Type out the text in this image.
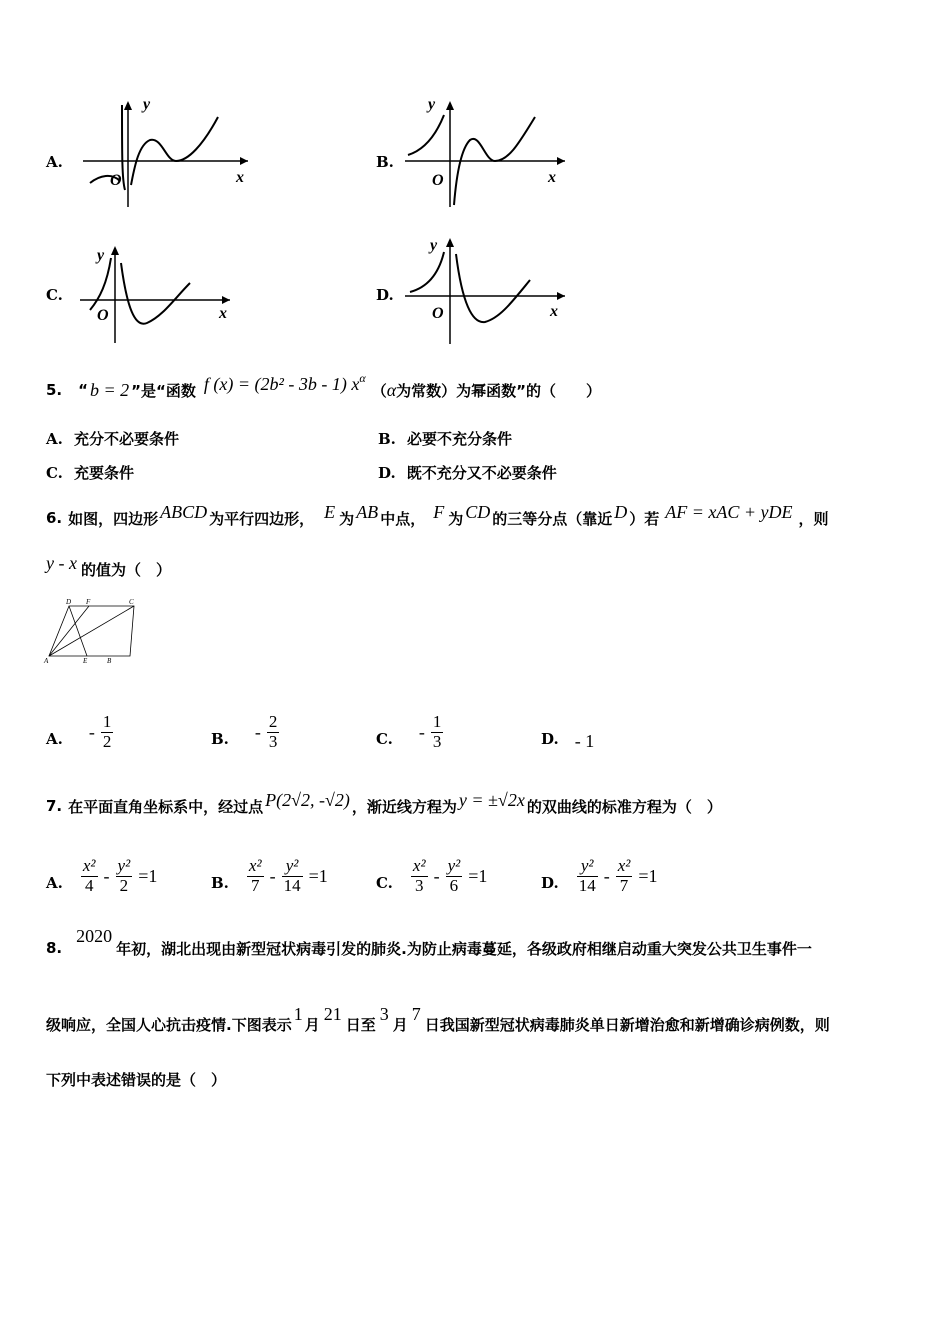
A.
y
x
O
B.
y
x
O
C.
y
x
O
D.
y
x
O
5. “ b = 2 ”是“函数 f (x) = (2b² - 3b - 1) $x^\alpha$
（ α 为常数）为幂函数”的（　　）
A. 充分不必要条件	B. 必要不充分条件
C. 充要条件	D. 既不充分又不必要条件
6. 如图，四边形 ABCD 为平行四边形， E 为 AB 中点， F 为 CD 的三等分点（靠近 D ）若 AF = xAC + yDE ，则
y - x 的值为（　）
D F	C
A	E	B
A. - $\frac{1}{2}$	B. - $\frac{2}{3}$	C. - $\frac{1}{3}$	D. - 1
7. 在平面直角坐标系中，经过点 P(2√2, -√2) ，渐近线方程为 y = ±√2x 的双曲线的标准方程为（　）
A. $\frac{\text{x²}}{4} - \frac{\text{y²}}{2} =1$	B. $\frac{\text{x²}}{7} - \frac{\text{y²}}{14} =1$	C. $\frac{\text{x²}}{3} - \frac{\text{y²}}{6} =1$	D. $\frac{\text{y²}}{14} - \frac{\text{x²}}{7} =1$
8.
2020
年初，湖北出现由新型冠状病毒引发的肺炎.为防止病毒蔓延，各级政府相继启动重大突发公共卫生事件一
级响应，全国人心抗击疫情.下图表示
1
月
21
日至
3
月
7
日我国新型冠状病毒肺炎单日新增治愈和新增确诊病例数，则
下列中表述错误的是（　）
